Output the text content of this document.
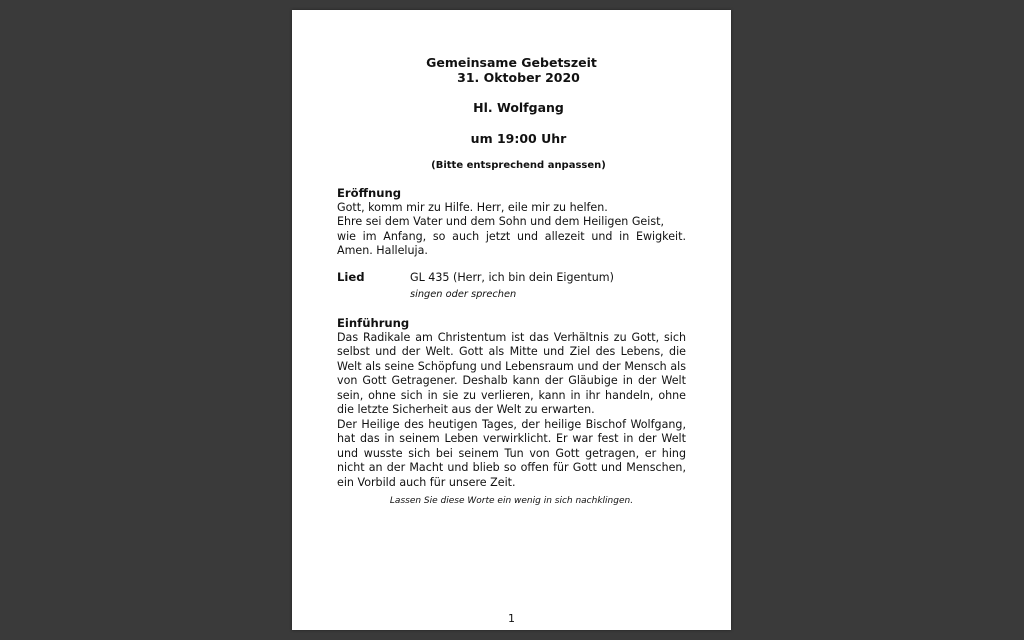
Gemeinsame Gebetszeit
31. Oktober 2020
Hl. Wolfgang
um 19:00 Uhr
(Bitte entsprechend anpassen)
Eröffnung
Gott, komm mir zu Hilfe. Herr, eile mir zu helfen.
Ehre sei dem Vater und dem Sohn und dem Heiligen Geist,

wie im Anfang, so auch jetzt und allezeit und in Ewigkeit.

Amen. Halleluja.
Lied	GL 435 (Herr, ich bin dein Eigentum)
singen oder sprechen
Einführung

Das Radikale am Christentum ist das Verhältnis zu Gott, sich selbst und der Welt. Gott als Mitte und Ziel des Lebens, die Welt als seine Schöpfung und Lebensraum und der Mensch als von Gott Getragener. Deshalb kann der Gläubige in der Welt sein, ohne sich in sie zu verlieren, kann in ihr handeln, ohne die letzte Sicherheit aus der Welt zu erwarten.

Der Heilige des heutigen Tages, der heilige Bischof Wolfgang, hat das in seinem Leben verwirklicht. Er war fest in der Welt und wusste sich bei seinem Tun von Gott getragen, er hing nicht an der Macht und blieb so offen für Gott und Menschen, ein Vorbild auch für unsere Zeit.

Lassen Sie diese Worte ein wenig in sich nachklingen.
1
